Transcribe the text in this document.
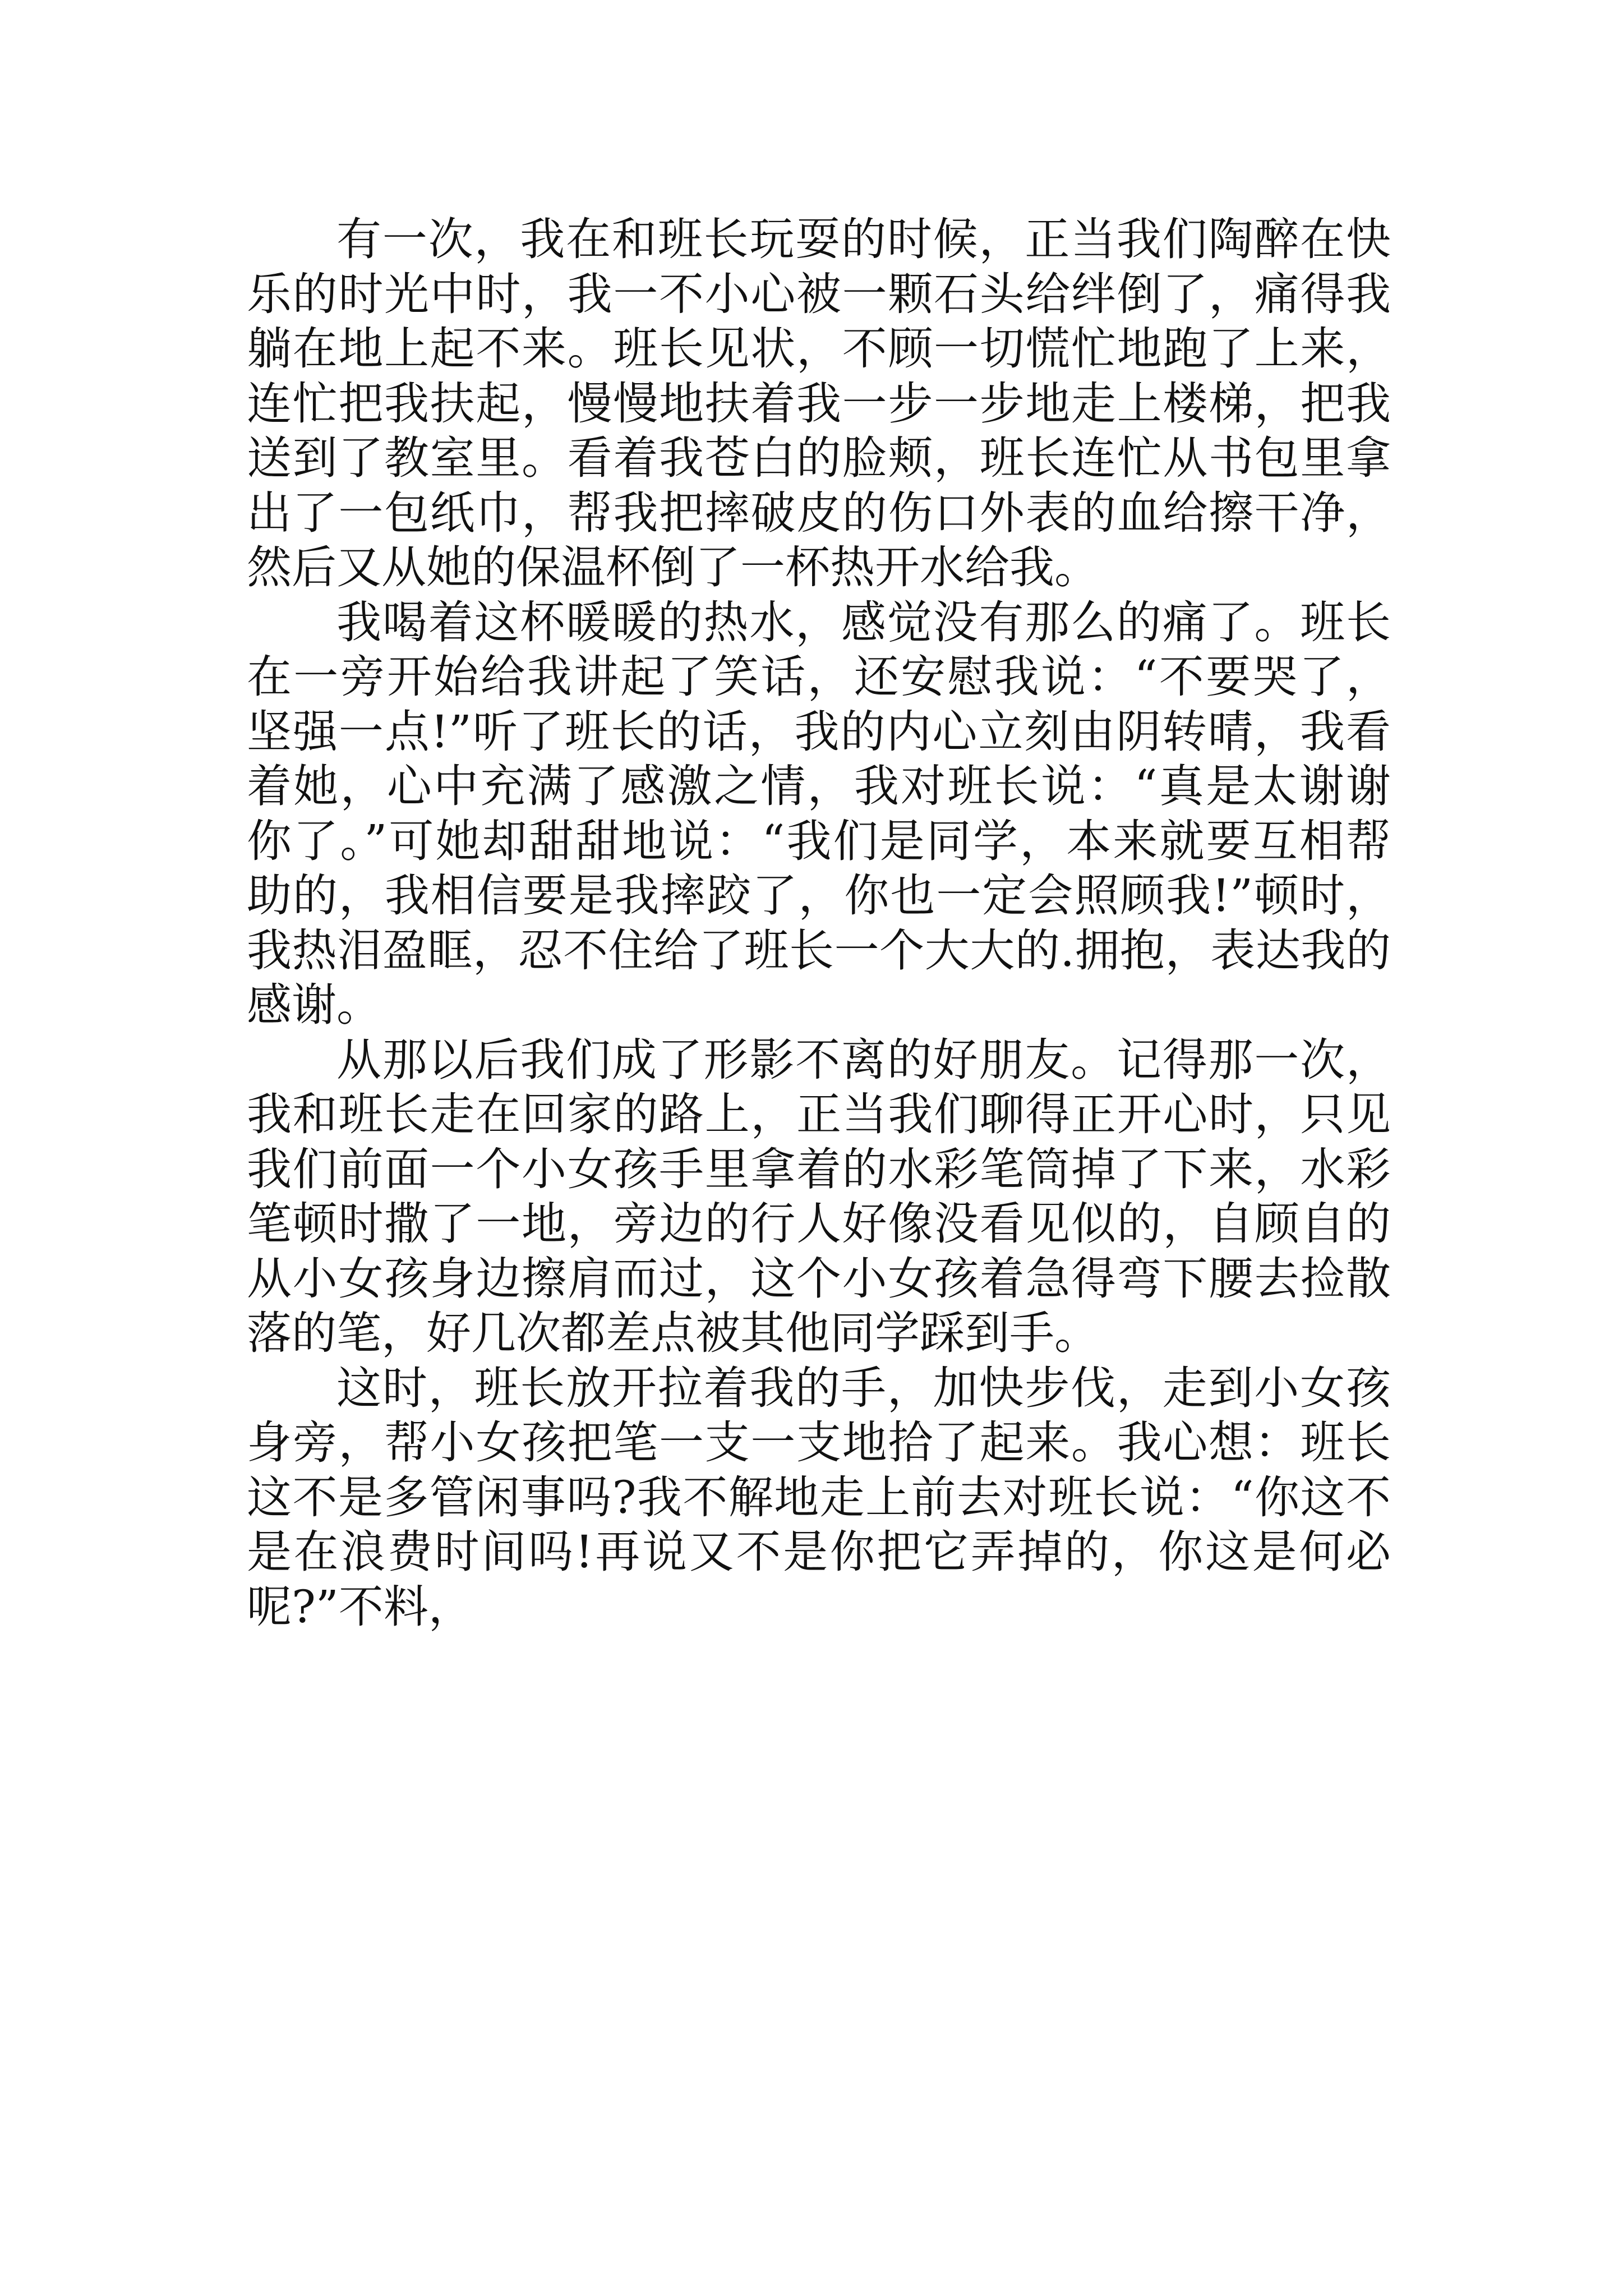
有一次，我在和班长玩耍的时候，正当我们陶醉在快乐的时光中时，我一不小心被一颗石头给绊倒了，痛得我躺在地上起不来。班长见状，不顾一切慌忙地跑了上来，连忙把我扶起，慢慢地扶着我一步一步地走上楼梯，把我送到了教室里。看着我苍白的脸颊，班长连忙从书包里拿出了一包纸巾，帮我把摔破皮的伤口外表的血给擦干净，然后又从她的保温杯倒了一杯热开水给我。

我喝着这杯暖暖的热水，感觉没有那么的痛了。班长在一旁开始给我讲起了笑话，还安慰我说：“不要哭了，坚强一点!”听了班长的话，我的内心立刻由阴转晴，我看着她，心中充满了感激之情，我对班长说：“真是太谢谢你了。”可她却甜甜地说：“我们是同学，本来就要互相帮助的，我相信要是我摔跤了，你也一定会照顾我!”顿时，我热泪盈眶，忍不住给了班长一个大大的.拥抱，表达我的感谢。

从那以后我们成了形影不离的好朋友。记得那一次，我和班长走在回家的路上，正当我们聊得正开心时，只见我们前面一个小女孩手里拿着的水彩笔筒掉了下来，水彩笔顿时撒了一地，旁边的行人好像没看见似的，自顾自的从小女孩身边擦肩而过，这个小女孩着急得弯下腰去捡散落的笔，好几次都差点被其他同学踩到手。

这时，班长放开拉着我的手，加快步伐，走到小女孩身旁，帮小女孩把笔一支一支地拾了起来。我心想：班长这不是多管闲事吗?我不解地走上前去对班长说：“你这不是在浪费时间吗!再说又不是你把它弄掉的，你这是何必呢?”不料，
